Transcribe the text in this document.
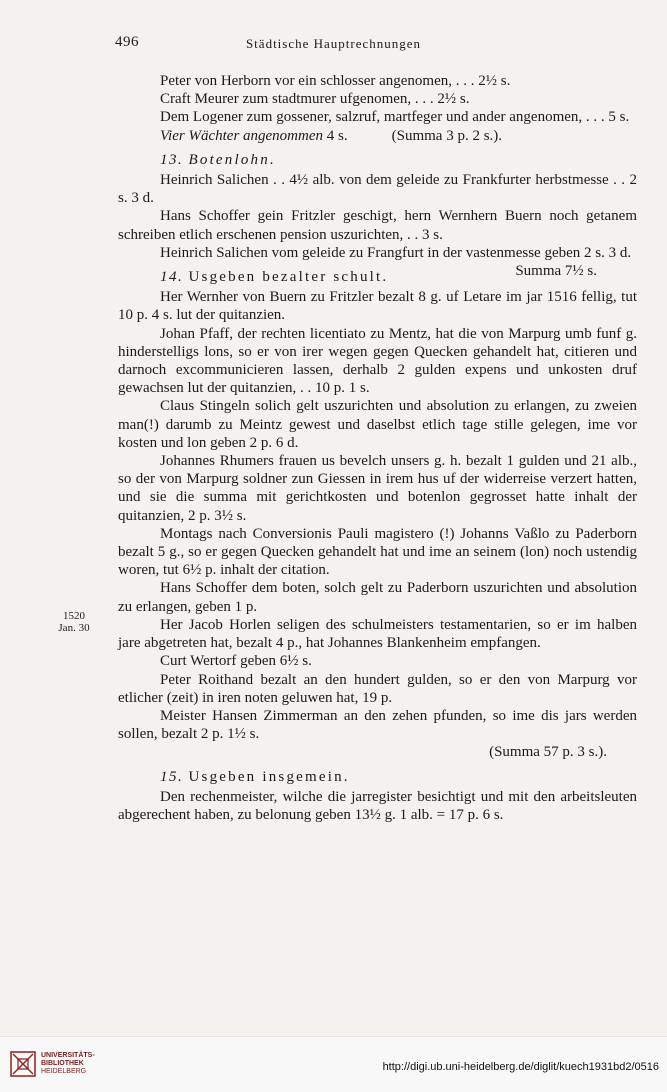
496	Städtische Hauptrechnungen
1520
Jan. 30

Peter von Herborn vor ein schlosser angenomen, . . . 2½ s.

Craft Meurer zum stadtmurer ufgenomen, . . . 2½ s.

Dem Logener zum gossener, salzruf, martfeger und ander angenomen, . . . 5 s.

Vier Wächter angenommen 4 s.	(Summa 3 p. 2 s.).

13. Botenlohn.

Heinrich Salichen . . 4½ alb. von dem geleide zu Frankfurter herbstmesse . . 2 s. 3 d.

Hans Schoffer gein Fritzler geschigt, hern Wernhern Buern noch getanem schreiben etlich erschenen pension uszurichten, . . 3 s.

Heinrich Salichen vom geleide zu Frangfurt in der vastenmesse geben 2 s. 3 d.
Summa 7½ s.

14. Usgeben bezalter schult.

Her Wernher von Buern zu Fritzler bezalt 8 g. uf Letare im jar 1516 fellig, tut 10 p. 4 s. lut der quitanzien.

Johan Pfaff, der rechten licentiato zu Mentz, hat die von Marpurg umb funf g. hinderstelligs lons, so er von irer wegen gegen Quecken gehandelt hat, citieren und darnoch excommunicieren lassen, derhalb 2 gulden expens und unkosten druf gewachsen lut der quitanzien, . . 10 p. 1 s.

Claus Stingeln solich gelt uszurichten und absolution zu erlangen, zu zweien man(!) darumb zu Meintz gewest und daselbst etlich tage stille gelegen, ime vor kosten und lon geben 2 p. 6 d.

Johannes Rhumers frauen us bevelch unsers g. h. bezalt 1 gulden und 21 alb., so der von Marpurg soldner zun Giessen in irem hus uf der widerreise verzert hatten, und sie die summa mit gerichtkosten und botenlon gegrosset hatte inhalt der quitanzien, 2 p. 3½ s.

Montags nach Conversionis Pauli magistero (!) Johanns Vaßlo zu Paderborn bezalt 5 g., so er gegen Quecken gehandelt hat und ime an seinem (lon) noch ustendig woren, tut 6½ p. inhalt der citation.

Hans Schoffer dem boten, solch gelt zu Paderborn uszurichten und absolution zu erlangen, geben 1 p.

Her Jacob Horlen seligen des schulmeisters testamentarien, so er im halben jare abgetreten hat, bezalt 4 p., hat Johannes Blankenheim empfangen.

Curt Wertorf geben 6½ s.

Peter Roithand bezalt an den hundert gulden, so er den von Marpurg vor etlicher (zeit) in iren noten geluwen hat, 19 p.

Meister Hansen Zimmerman an den zehen pfunden, so ime dis jars werden sollen, bezalt 2 p. 1½ s.

(Summa 57 p. 3 s.).

15. Usgeben insgemein.

Den rechenmeister, wilche die jarregister besichtigt und mit den arbeitsleuten abgerechent haben, zu belonung geben 13½ g. 1 alb. = 17 p. 6 s.

UNIVERSITÄTS-
BIBLIOTHEK
HEIDELBERG	http://digi.ub.uni-heidelberg.de/diglit/kuech1931bd2/0516
